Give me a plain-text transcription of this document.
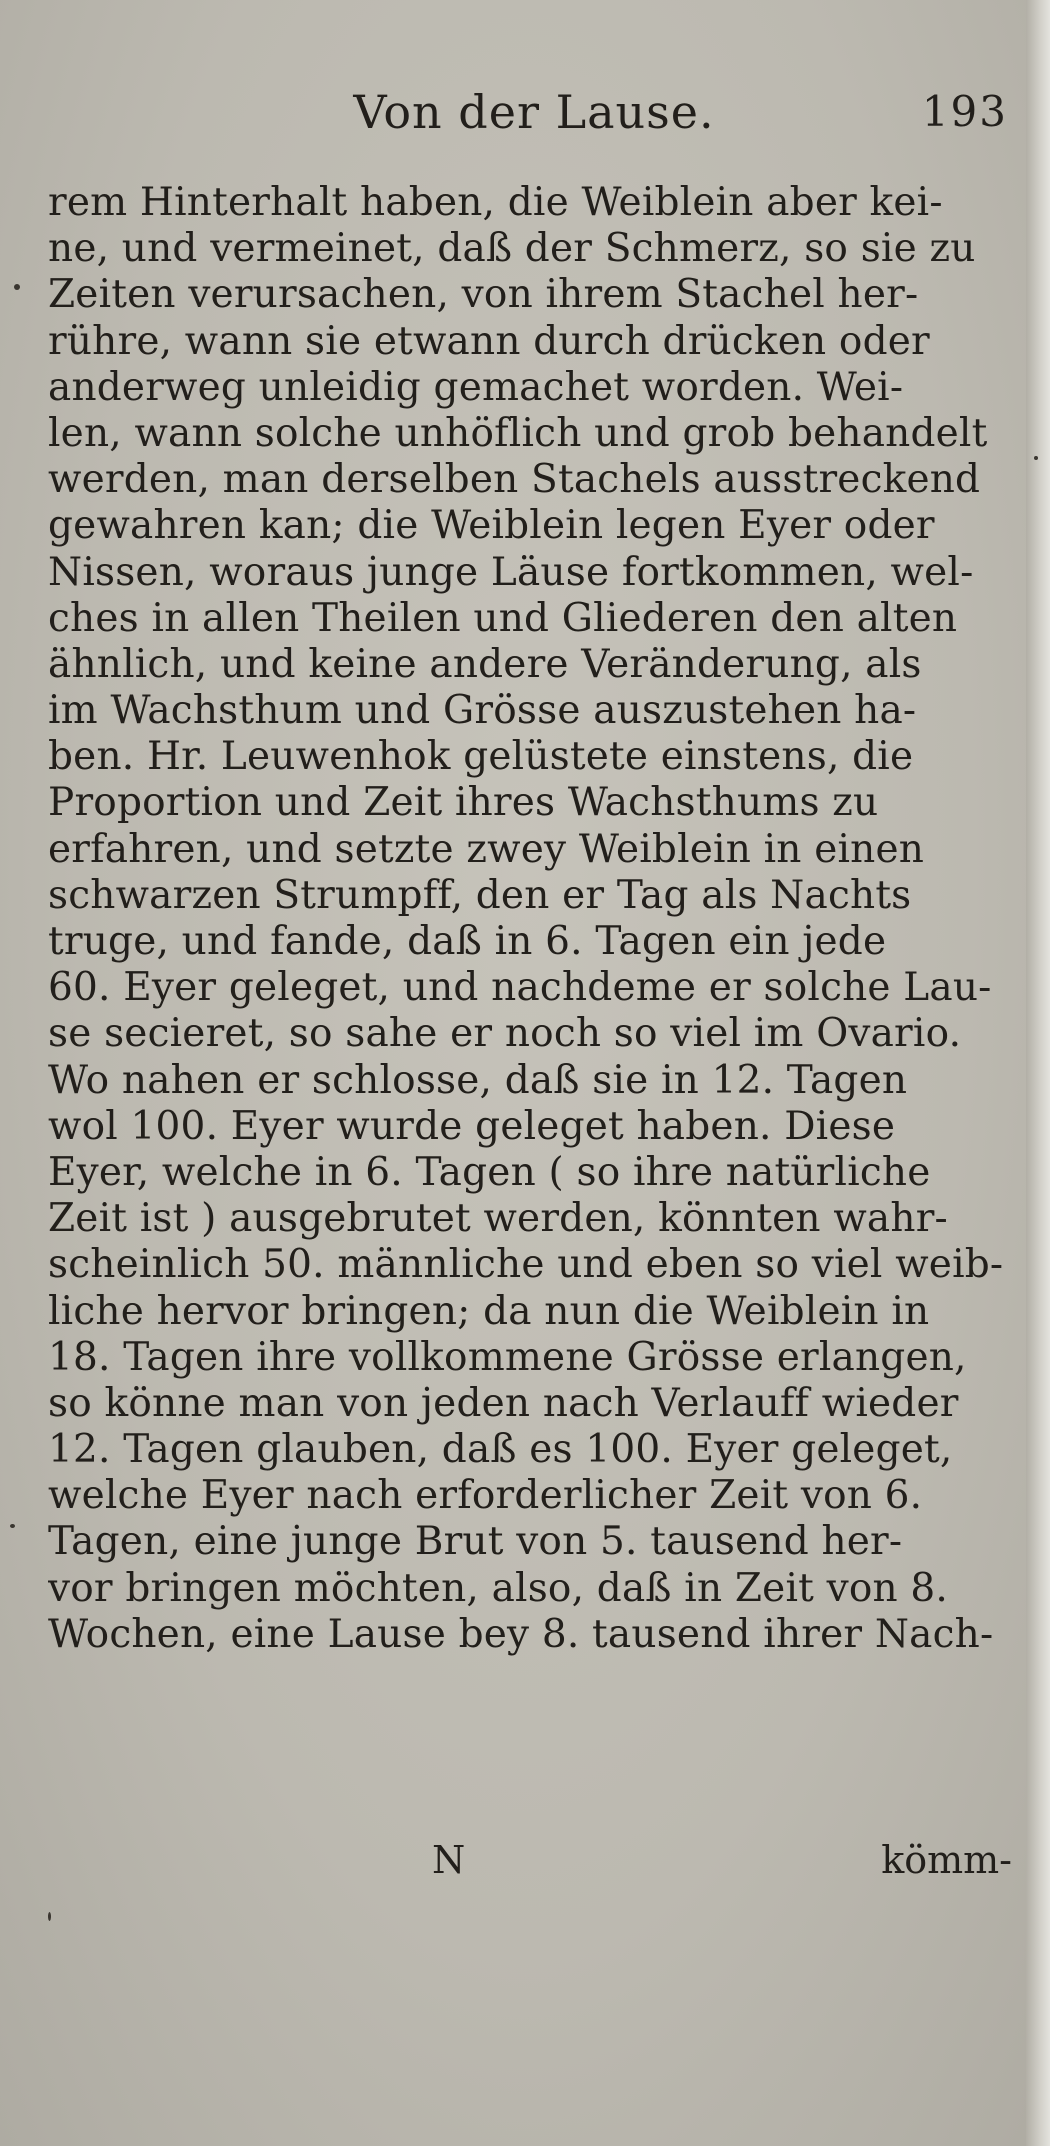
Von der Lause.	193
rem Hinterhalt haben, die Weiblein aber kei-
ne, und vermeinet, daß der Schmerz, so sie zu
Zeiten verursachen, von ihrem Stachel her-
rühre, wann sie etwann durch drücken oder
anderweg unleidig gemachet worden. Wei-
len, wann solche unhöflich und grob behandelt
werden, man derselben Stachels ausstreckend
gewahren kan; die Weiblein legen Eyer oder
Nissen, woraus junge Läuse fortkommen, wel-
ches in allen Theilen und Gliederen den alten
ähnlich, und keine andere Veränderung, als
im Wachsthum und Grösse auszustehen ha-
ben. Hr. Leuwenhok gelüstete einstens, die
Proportion und Zeit ihres Wachsthums zu
erfahren, und setzte zwey Weiblein in einen
schwarzen Strumpff, den er Tag als Nachts
truge, und fande, daß in 6. Tagen ein jede
60. Eyer geleget, und nachdeme er solche Lau-
se secieret, so sahe er noch so viel im Ovario.
Wo nahen er schlosse, daß sie in 12. Tagen
wol 100. Eyer wurde geleget haben. Diese
Eyer, welche in 6. Tagen ( so ihre natürliche
Zeit ist ) ausgebrutet werden, könnten wahr-
scheinlich 50. männliche und eben so viel weib-
liche hervor bringen; da nun die Weiblein in
18. Tagen ihre vollkommene Grösse erlangen,
so könne man von jeden nach Verlauff wieder
12. Tagen glauben, daß es 100. Eyer geleget,
welche Eyer nach erforderlicher Zeit von 6.
Tagen, eine junge Brut von 5. tausend her-
vor bringen möchten, also, daß in Zeit von 8.
Wochen, eine Lause bey 8. tausend ihrer Nach-
N	kömm-
